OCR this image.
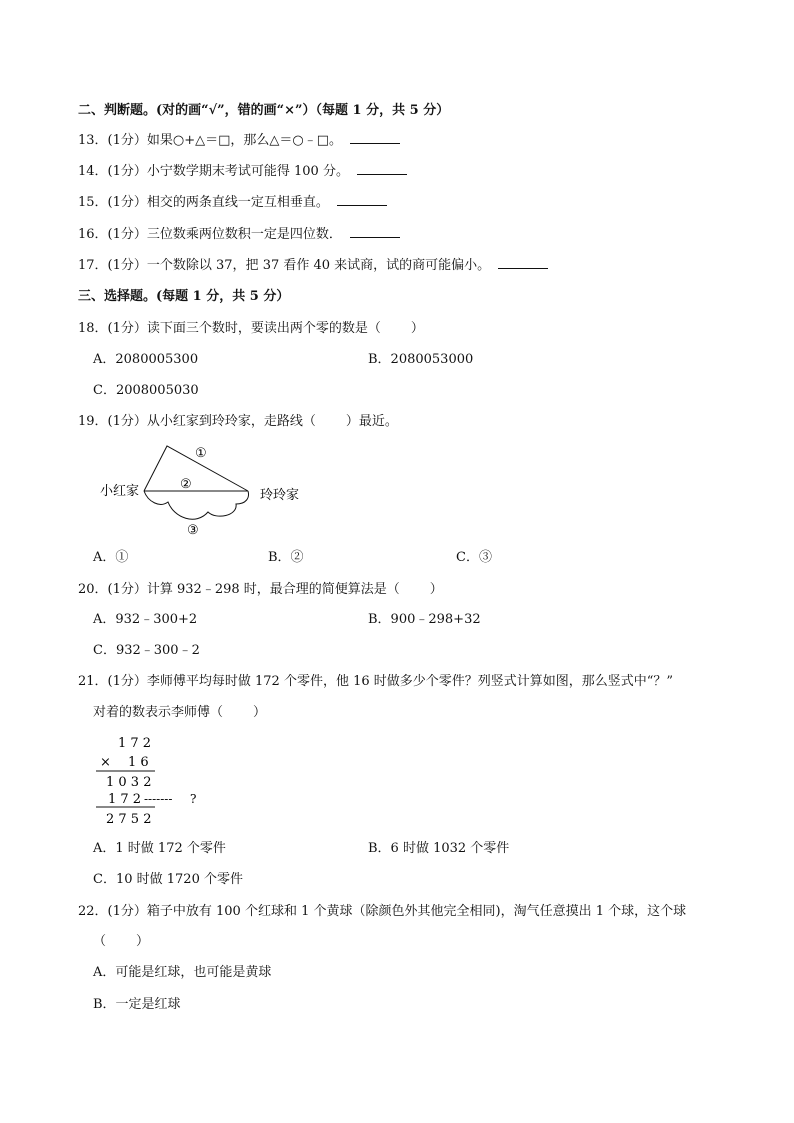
二、判断题。(对的画“√”，错的画“×”）（每题 1 分，共 5 分）
13．(1分）如果○+△＝□，那么△＝○﹣□。
14．(1分）小宁数学期末考试可能得 100 分。
15．(1分）相交的两条直线一定互相垂直。
16．(1分）三位数乘两位数积一定是四位数．
17．(1分）一个数除以 37，把 37 看作 40 来试商，试的商可能偏小。
三、选择题。(每题 1 分，共 5 分）
18．(1分）读下面三个数时，要读出两个零的数是（ ）
A．2080005300	B．2080053000
C．2008005030
19．(1分）从小红家到玲玲家，走路线（ ）最近。
小红家	玲玲家
①
②
③
A．①	B．②	C．③
20．(1分）计算 932﹣298 时，最合理的简便算法是（ ）
A．932﹣300+2	B．900﹣298+32
C．932﹣300﹣2
21．(1分）李师傅平均每时做 172 个零件，他 16 时做多少个零件？列竖式计算如图，那么竖式中“？”
对着的数表示李师傅（ ）
1 7 2
× 1 6
1 0 3 2
1 7 2 ------- ?
2 7 5 2
A．1 时做 172 个零件	B．6 时做 1032 个零件
C．10 时做 1720 个零件
22．(1分）箱子中放有 100 个红球和 1 个黄球（除颜色外其他完全相同)，淘气任意摸出 1 个球，这个球
（ ）
A．可能是红球，也可能是黄球
B．一定是红球
